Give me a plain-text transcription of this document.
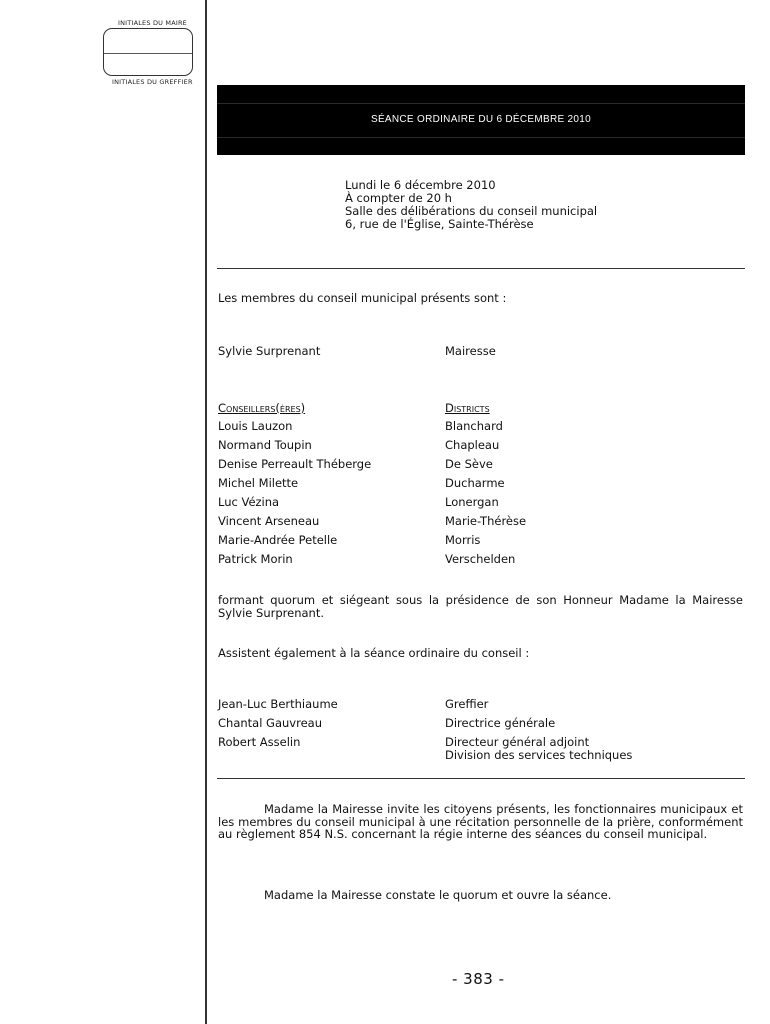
INITIALES DU MAIRE
INITIALES DU GREFFIER
SÉANCE ORDINAIRE DU 6 DÉCEMBRE 2010
Lundi le 6 décembre 2010
À compter de 20 h
Salle des délibérations du conseil municipal
6, rue de l'Église, Sainte-Thérèse
Les membres du conseil municipal présents sont :
Sylvie Surprenant	Mairesse
Conseillers(ères)	Districts
Louis Lauzon	Blanchard
Normand Toupin	Chapleau
Denise Perreault Théberge	De Sève
Michel Milette	Ducharme
Luc Vézina	Lonergan
Vincent Arseneau	Marie-Thérèse
Marie-Andrée Petelle	Morris
Patrick Morin	Verschelden
formant quorum et siégeant sous la présidence de son Honneur Madame la Mairesse Sylvie Surprenant.
Assistent également à la séance ordinaire du conseil :
Jean-Luc Berthiaume	Greffier
Chantal Gauvreau	Directrice générale
Robert Asselin	Directeur général adjoint
Division des services techniques
Madame la Mairesse invite les citoyens présents, les fonctionnaires municipaux et les membres du conseil municipal à une récitation personnelle de la prière, conformément au règlement 854 N.S. concernant la régie interne des séances du conseil municipal.
Madame la Mairesse constate le quorum et ouvre la séance.
- 383 -
